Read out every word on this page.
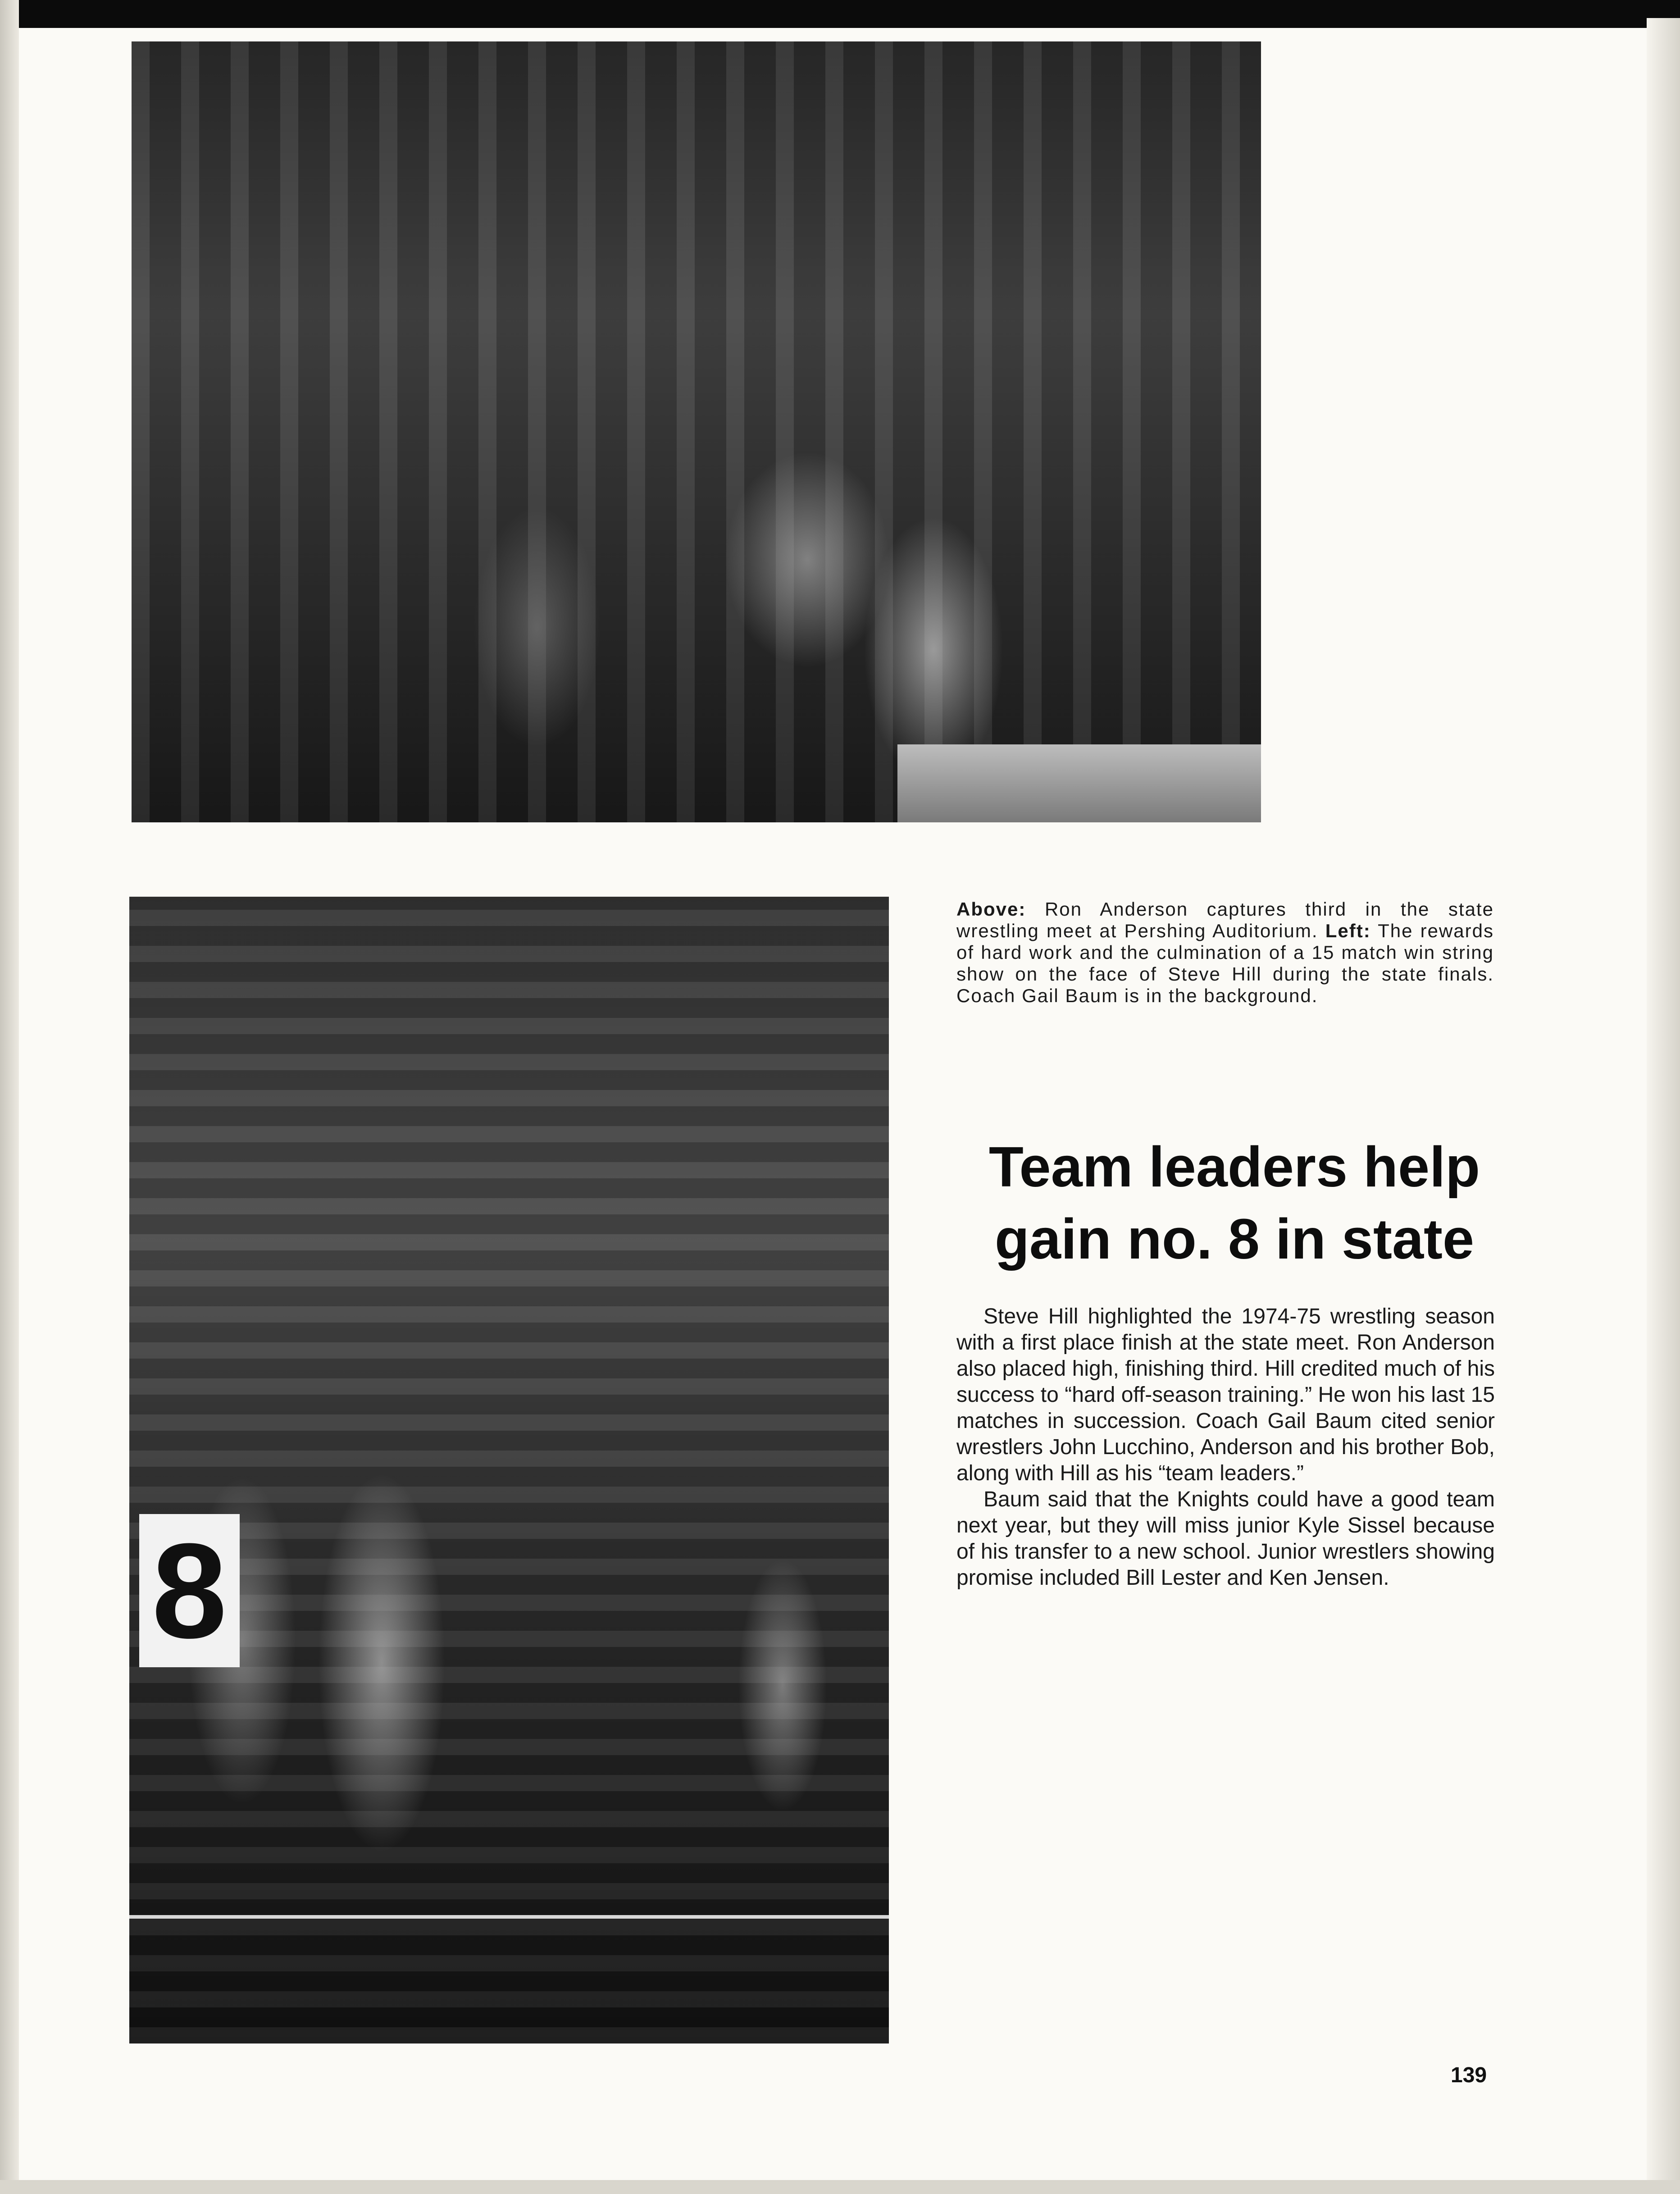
8

Above: Ron Anderson captures third in the state wrestling meet at Pershing Auditorium. Left: The rewards of hard work and the culmination of a 15 match win string show on the face of Steve Hill during the state finals. Coach Gail Baum is in the background.

Team leaders help
gain no. 8 in state

Steve Hill highlighted the 1974-75 wrestling season with a first place finish at the state meet. Ron Anderson also placed high, finishing third. Hill credited much of his success to “hard off-season training.” He won his last 15 matches in succession. Coach Gail Baum cited senior wrestlers John Lucchino, Anderson and his brother Bob, along with Hill as his “team leaders.”

Baum said that the Knights could have a good team next year, but they will miss junior Kyle Sissel because of his transfer to a new school. Junior wrestlers showing promise included Bill Lester and Ken Jensen.

139
